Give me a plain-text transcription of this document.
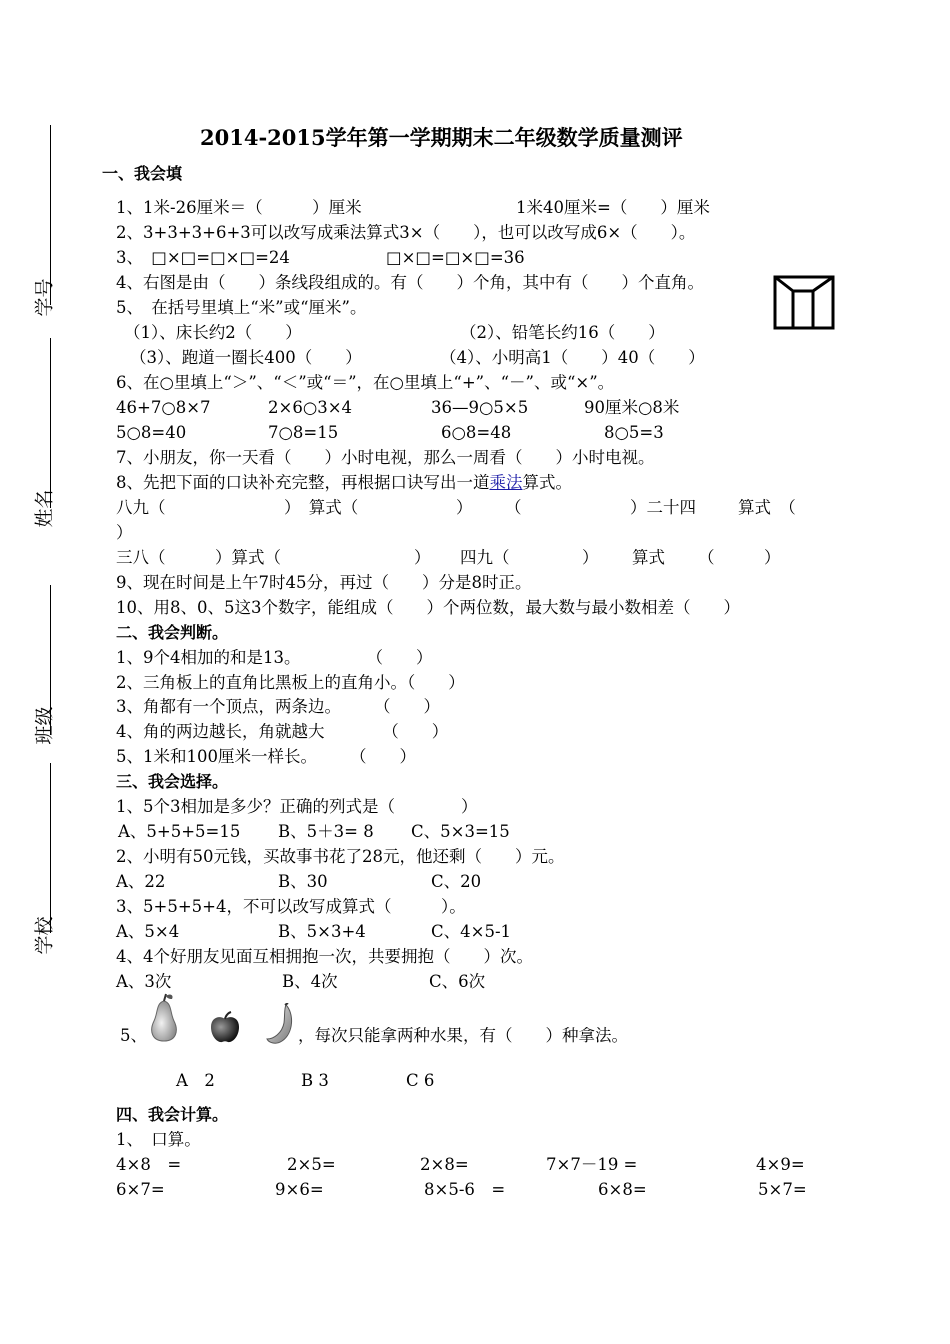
学号
姓名
班级
学校
2014-2015学年第一学期期末二年级数学质量测评
一、我会填
1、1米-26厘米＝（　　　）厘米	1米40厘米=（　　）厘米
2、3+3+3+6+3可以改写成乘法算式3×（　　），也可以改写成6×（　　）。
3、　□×□=□×□=24	□×□=□×□=36
4、右图是由（　　）条线段组成的。有（　　）个角，其中有（　　）个直角。
5、　在括号里填上“米”或“厘米”。
（1）、床长约2（　　）	（2）、铅笔长约16（　　）
（3）、跑道一圈长400（　　）	（4）、小明高1（　　）40（　　）
6、在○里填上“＞”、“＜”或“＝”，在○里填上“+”、“－”、或“×”。
46+7○8×7	2×6○3×4	36—9○5×5	90厘米○8米
5○8=40	7○8=15	6○8=48	8○5=3
7、小朋友，你一天看（　　）小时电视，那么一周看（　　）小时电视。
8、先把下面的口诀补充完整，再根据口诀写出一道乘法算式。
八九（	）　算式（	） （	）二十四	算式　（
）
三八（　　　）算式（	） 四九（	） 算式 （　　　）
9、现在时间是上午7时45分，再过（　　）分是8时正。
10、用8、0、5这3个数字，能组成（　　）个两位数，最大数与最小数相差（　　）
二、我会判断。
1、9个4相加的和是13。　　　　　（　　）
2、三角板上的直角比黑板上的直角小。（　　）
3、角都有一个顶点，两条边。　　　（　　）
4、角的两边越长，角就越大　　　　（　　）
5、1米和100厘米一样长。　　　（　　）
三、我会选择。
1、5个3相加是多少？正确的列式是（　　　　）
A、5+5+5=15 B、5＋3= 8 C、5×3=15
2、小明有50元钱，买故事书花了28元，他还剩（　　）元。
A、22	B、30	C、20
3、5+5+5+4，不可以改写成算式（　　　）。
A、5×4	B、5×3+4	C、4×5-1
4、4个好朋友见面互相拥抱一次，共要拥抱（　　）次。
A、3次	B、4次	C、6次
5、	，每次只能拿两种水果，有（　　）种拿法。
A　2	B 3	C 6
四、我会计算。
1、　口算。
4×8　=	2×5=	2×8=	7×7－19 =	4×9=
6×7=	9×6=	8×5-6　=	6×8=	5×7=
